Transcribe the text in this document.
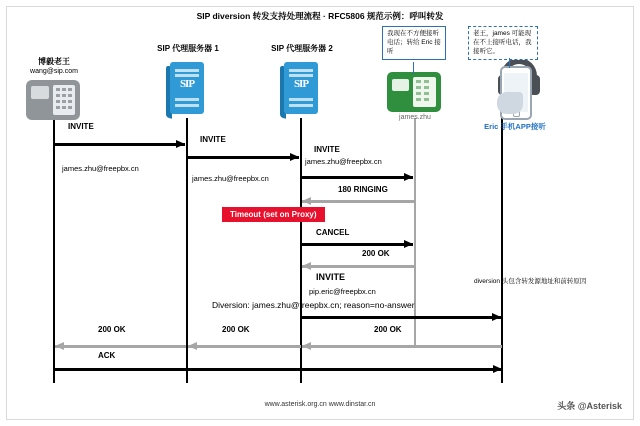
SIP diversion 转发支持处理流程 · RFC5806 规范示例：呼叫转发
博毅老王
wang@sip.com
SIP 代理服务器 1
SIP
SIP 代理服务器 2
SIP
james.zhu
Eric 手机APP接听
我现在不方便接听电话；转给 Eric 接听
老王，james 可能现在不上接听电话，我接听它。
INVITE
james.zhu@freepbx.cn
INVITE
james.zhu@freepbx.cn
INVITE
james.zhu@freepbx.cn
180 RINGING
Timeout (set on Proxy)
CANCEL
200 OK
INVITE
pip.eric@freepbx.cn
Diversion: james.zhu@freepbx.cn; reason=no-answer
diversion 头包含转发源地址和前转原因
200 OK
200 OK
200 OK
ACK
www.asterisk.org.cn www.dinstar.cn	头条 @Asterisk
